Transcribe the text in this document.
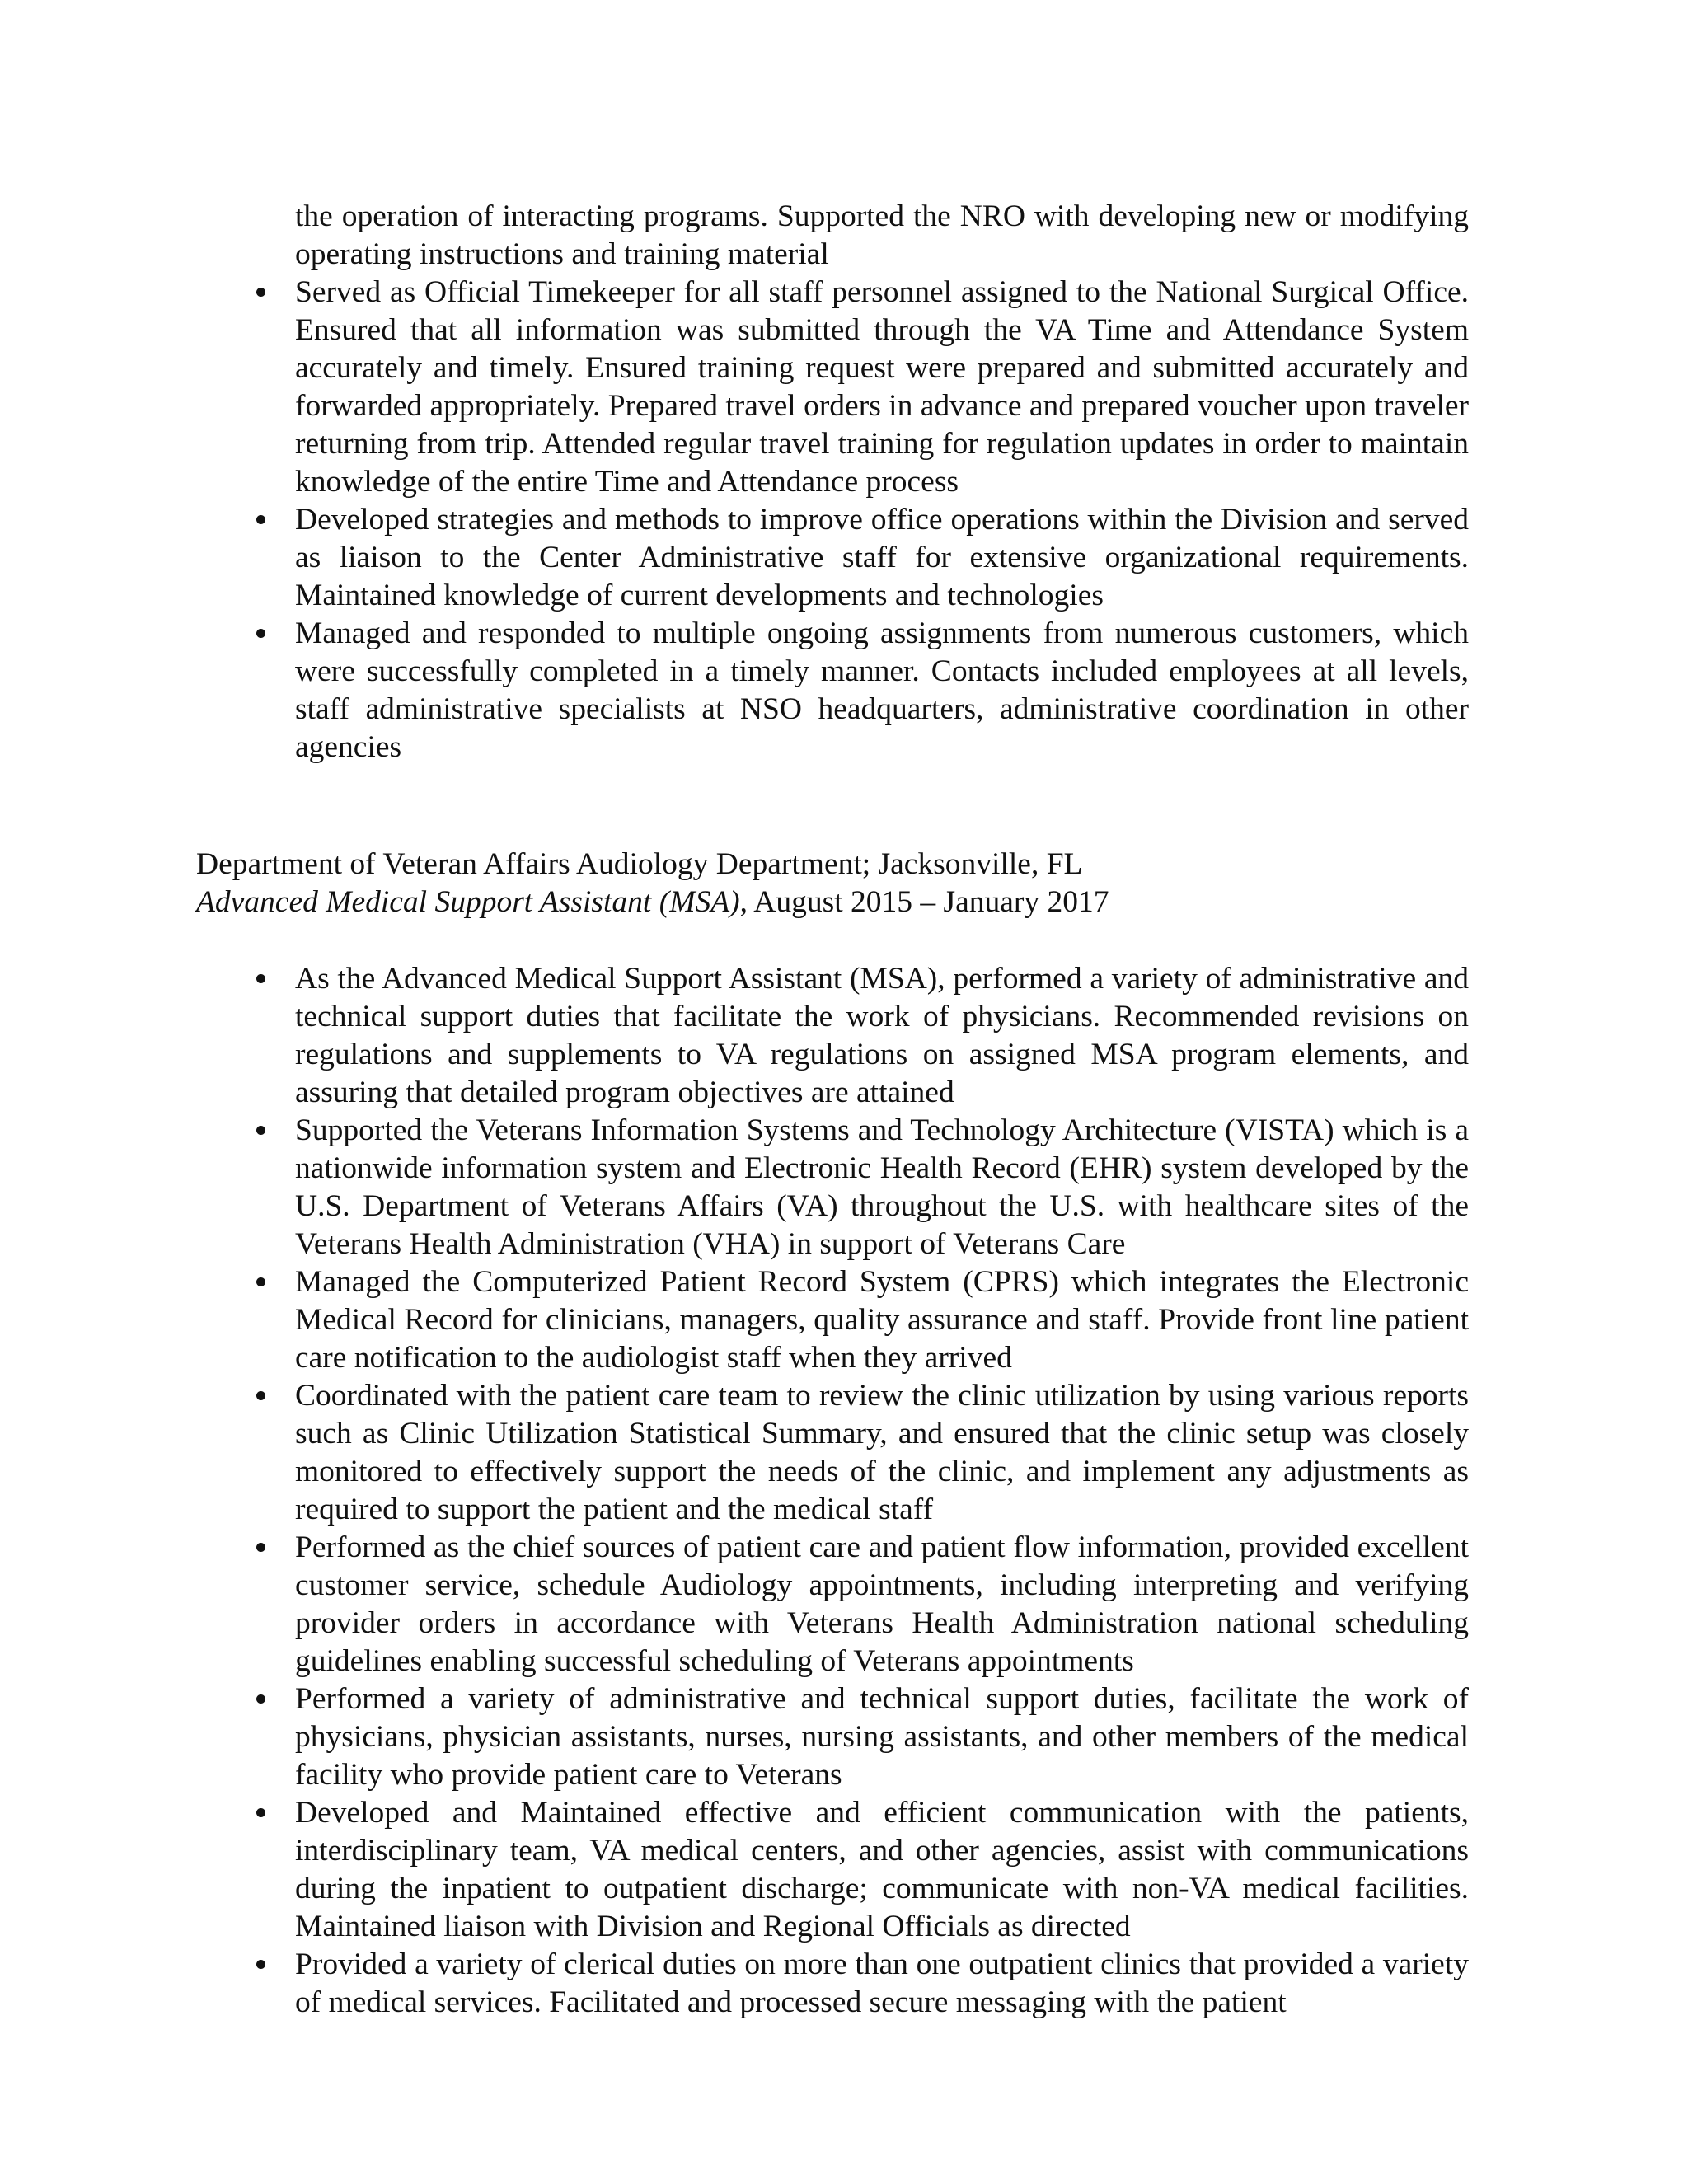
the operation of interacting programs. Supported the NRO with developing new or modifying operating instructions and training material
Served as Official Timekeeper for all staff personnel assigned to the National Surgical Office. Ensured that all information was submitted through the VA Time and Attendance System accurately and timely. Ensured training request were prepared and submitted accurately and forwarded appropriately. Prepared travel orders in advance and prepared voucher upon traveler returning from trip. Attended regular travel training for regulation updates in order to maintain knowledge of the entire Time and Attendance process
Developed strategies and methods to improve office operations within the Division and served as liaison to the Center Administrative staff for extensive organizational requirements. Maintained knowledge of current developments and technologies
Managed and responded to multiple ongoing assignments from numerous customers, which were successfully completed in a timely manner. Contacts included employees at all levels, staff administrative specialists at NSO headquarters, administrative coordination in other agencies

Department of Veteran Affairs Audiology Department; Jacksonville, FL

Advanced Medical Support Assistant (MSA), August 2015 – January 2017

As the Advanced Medical Support Assistant (MSA), performed a variety of administrative and technical support duties that facilitate the work of physicians. Recommended revisions on regulations and supplements to VA regulations on assigned MSA program elements, and assuring that detailed program objectives are attained
Supported the Veterans Information Systems and Technology Architecture (VISTA) which is a nationwide information system and Electronic Health Record (EHR) system developed by the U.S. Department of Veterans Affairs (VA) throughout the U.S. with healthcare sites of the Veterans Health Administration (VHA) in support of Veterans Care
Managed the Computerized Patient Record System (CPRS) which integrates the Electronic Medical Record for clinicians, managers, quality assurance and staff. Provide front line patient care notification to the audiologist staff when they arrived
Coordinated with the patient care team to review the clinic utilization by using various reports such as Clinic Utilization Statistical Summary, and ensured that the clinic setup was closely monitored to effectively support the needs of the clinic, and implement any adjustments as required to support the patient and the medical staff
Performed as the chief sources of patient care and patient flow information, provided excellent customer service, schedule Audiology appointments, including interpreting and verifying provider orders in accordance with Veterans Health Administration national scheduling guidelines enabling successful scheduling of Veterans appointments
Performed a variety of administrative and technical support duties, facilitate the work of physicians, physician assistants, nurses, nursing assistants, and other members of the medical facility who provide patient care to Veterans
Developed and Maintained effective and efficient communication with the patients, interdisciplinary team, VA medical centers, and other agencies, assist with communications during the inpatient to outpatient discharge; communicate with non-VA medical facilities. Maintained liaison with Division and Regional Officials as directed
Provided a variety of clerical duties on more than one outpatient clinics that provided a variety of medical services. Facilitated and processed secure messaging with the patient
